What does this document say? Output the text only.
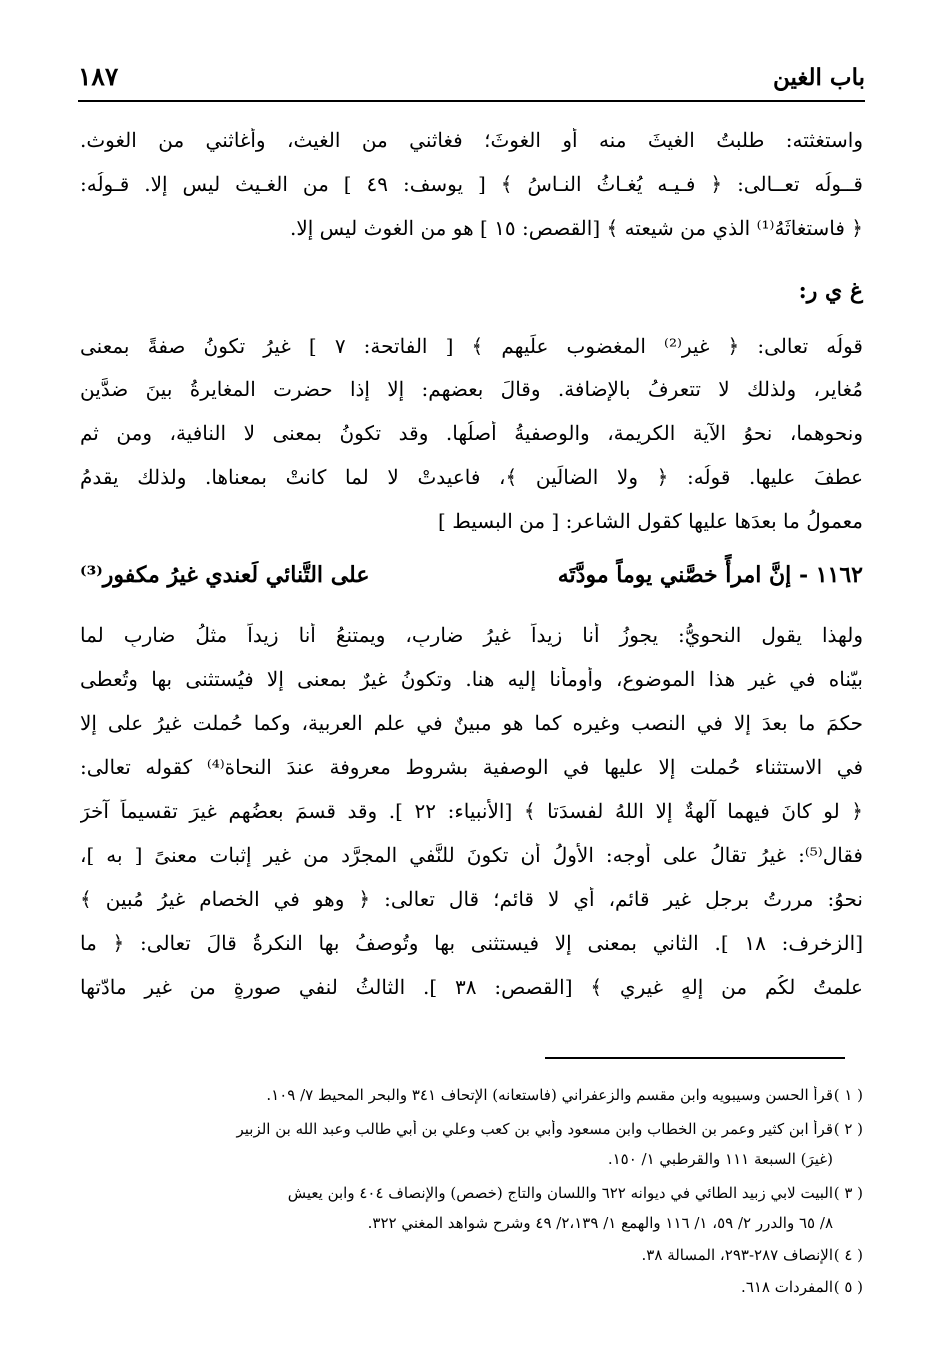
باب الغين
١٨٧
واستغثته: طلبتُ الغيثَ منه أو الغوثَ؛ فغاثني من الغيث، وأغاثني من الغوث.
قــولُه تعــالى: ﴿ فـيـه يُغـاثُ النـاسُ ﴾ [ يوسف: ٤٩ ] من الغـيث ليس إلا. قـولُه:
﴿ فاستغاثَهُ⁽¹⁾ الذي من شيعته ﴾ [القصص: ١٥ ] هو من الغوث ليس إلا.
غ ي ر:
قولُه تعالى: ﴿ غيرِ⁽²⁾ المغضوب علَيهم ﴾ [ الفاتحة: ٧ ] غيرُ تكونُ صفةً بمعنى
مُغايرٍ، ولذلك لا تتعرفُ بالإضافة. وقالَ بعضهم: إلا إذا حضرت المغايرةُ بينَ ضدَّين
ونحوهما، نحوُ الآية الكريمة، والوصفيةُ أصلُها. وقد تكونُ بمعنى لا النافية، ومن ثم
عطفَ عليها. قولُه: ﴿ ولا الضالِّين ﴾، فاعيدتْ لا لما كانتْ بمعناها. ولذلك يقدمُ
معمولُ ما بعدَها عليها كقول الشاعر: [ من البسيط ]
١١٦٢ - إنَّ امرأً خصَّني يوماً مودَّتَه
على التَّنائي لَعندي غيرُ مكفور⁽³⁾
ولهذا يقول النحويُّ: يجوزُ أنا زيداً غيرُ ضاربٍ، ويمتنعُ أنا زيداً مثلُ ضاربٍ لما
بيّناه في غير هذا الموضوع، وأومأنا إليه هنا. وتكونُ غيرٌ بمعنى إلا فيُستثنى بها وتُعطى
حكمَ ما بعدَ إلا في النصب وغيره كما هو مبينٌ في علم العربية، وكما حُملت غيرُ على إلا
في الاستثناء حُملت إلا عليها في الوصفية بشروط معروفة عندَ النحاة⁽⁴⁾ كقوله تعالى:
﴿ لو كانَ فيهما آلهةٌ إلا اللهُ لفسدَتا ﴾ [الأنبياء: ٢٢ ]. وقد قسمَ بعضُهم غيرَ تقسيماً آخرَ
فقال⁽⁵⁾: غيرُ تقالُ على أوجه: الأولُ أن تكونَ للنَّفي المجرَّد من غير إثبات معنىً [ به ]،
نحوُ: مررتُ برجلٍ غيرِ قائمٍ، أي لا قائمٍ؛ قال تعالى: ﴿ وهو في الخصام غيرُ مُبينٍ ﴾
[الزخرف: ١٨ ]. الثاني بمعنى إلا فيستثنى بها وتُوصفُ بها النكرةُ قالَ تعالى: ﴿ ما
علمتُ لكُم من إلهٍ غيري ﴾ [القصص: ٣٨ ]. الثالثُ لنفي صورةٍ من غير مادّتها
( ١ )قرأ الحسن وسيبويه وابن مقسم والزعفراني (فاستعانه) الإتحاف ٣٤١ والبحر المحيط ٧/ ١٠٩.
( ٢ )قرأ ابن كثير وعمر بن الخطاب وابن مسعود وأُبي بن كعب وعلي بن أبي طالب وعبد الله بن الزبير
(غيرَ) السبعة ١١١ والقرطبي ١/ ١٥٠.
( ٣ )البيت لابي زبيد الطائي في ديوانه ٦٢٢ واللسان والتاج (خصص) والإنصاف ٤٠٤ وابن يعيش
٨/ ٦٥ والدرر ٢/ ٥٩، ١/ ١١٦ والهمع ١/ ٢،١٣٩/ ٤٩ وشرح شواهد المغني ٣٢٢.
( ٤ )الإنصاف ٢٨٧-٢٩٣، المسالة ٣٨.
( ٥ )المفردات ٦١٨.
